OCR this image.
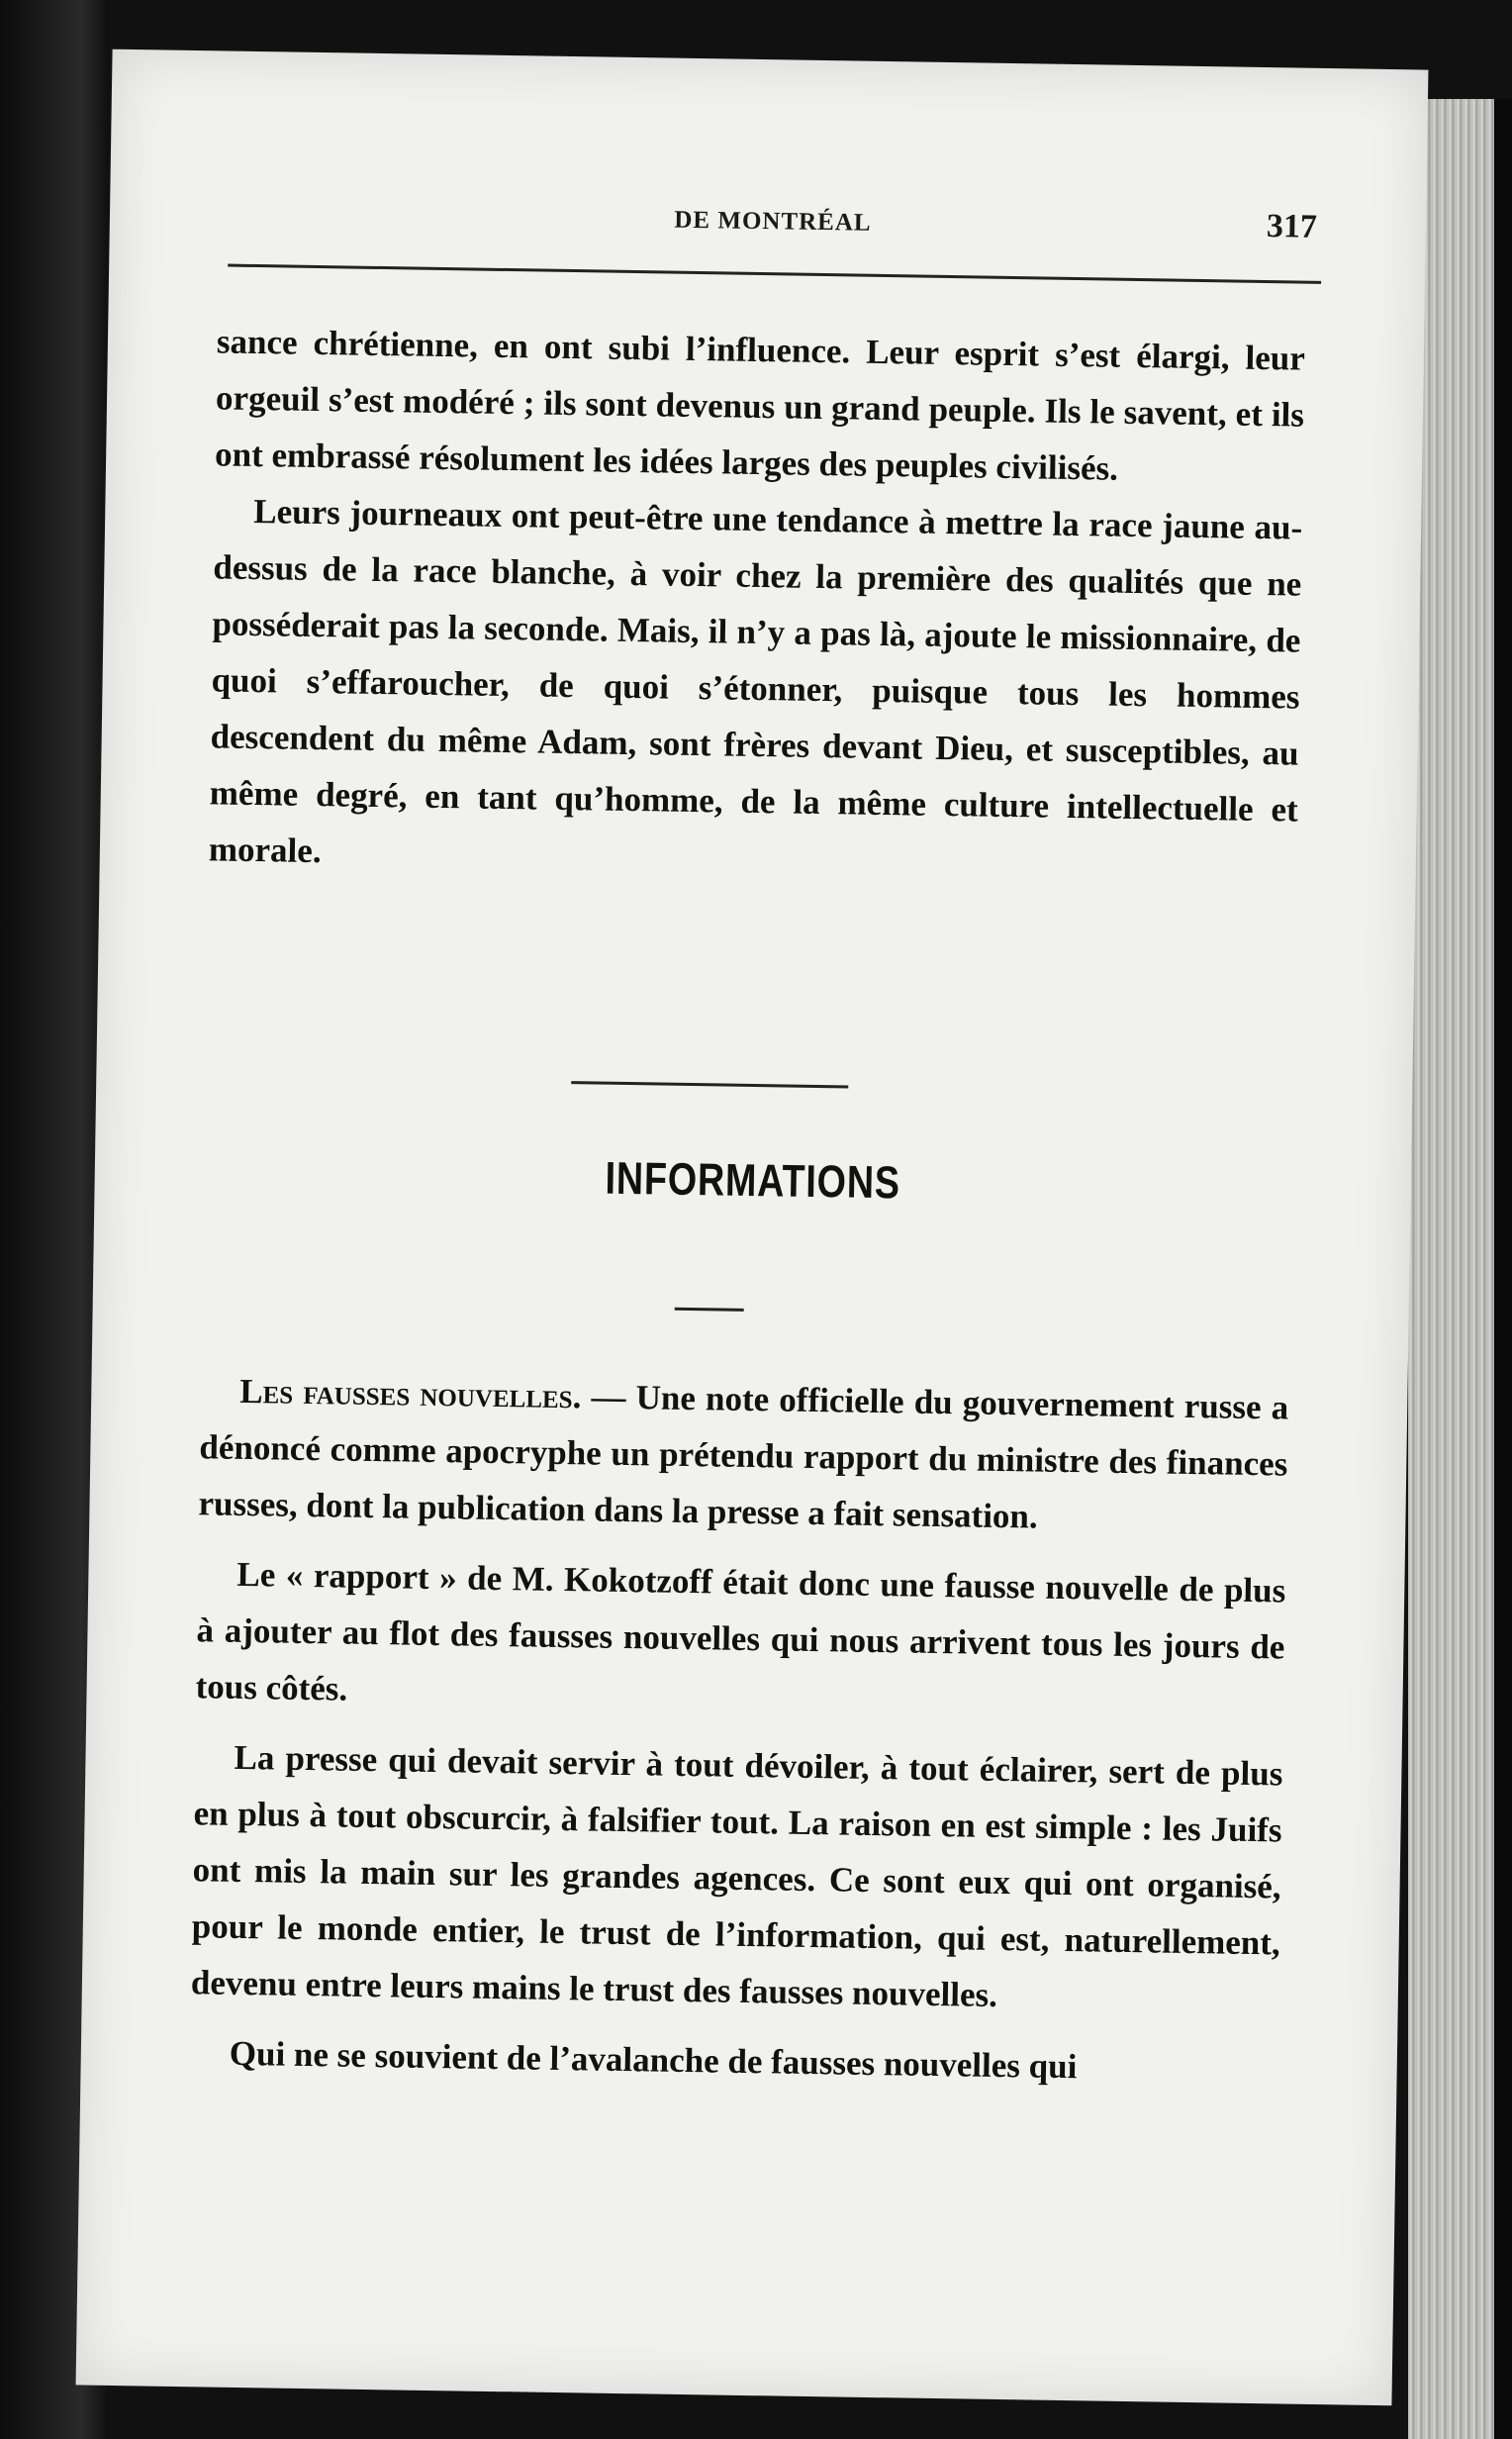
DE MONTRÉAL	317

sance chrétienne, en ont subi l’influence. Leur esprit s’est élargi, leur orgeuil s’est modéré ; ils sont devenus un grand peuple. Ils le savent, et ils ont embrassé résolument les idées larges des peuples civilisés.

Leurs journeaux ont peut-être une tendance à mettre la race jaune au-dessus de la race blanche, à voir chez la première des qualités que ne posséderait pas la seconde. Mais, il n’y a pas là, ajoute le missionnaire, de quoi s’effaroucher, de quoi s’étonner, puisque tous les hommes descendent du même Adam, sont frères devant Dieu, et susceptibles, au même degré, en tant qu’homme, de la même culture intellectuelle et morale.

INFORMATIONS

Les fausses nouvelles. — Une note officielle du gouvernement russe a dénoncé comme apocryphe un prétendu rapport du ministre des finances russes, dont la publication dans la presse a fait sensation.

Le « rapport » de M. Kokotzoff était donc une fausse nouvelle de plus à ajouter au flot des fausses nouvelles qui nous arrivent tous les jours de tous côtés.

La presse qui devait servir à tout dévoiler, à tout éclairer, sert de plus en plus à tout obscurcir, à falsifier tout. La raison en est simple : les Juifs ont mis la main sur les grandes agences. Ce sont eux qui ont organisé, pour le monde entier, le trust de l’information, qui est, naturellement, devenu entre leurs mains le trust des fausses nouvelles.

Qui ne se souvient de l’avalanche de fausses nouvelles qui
